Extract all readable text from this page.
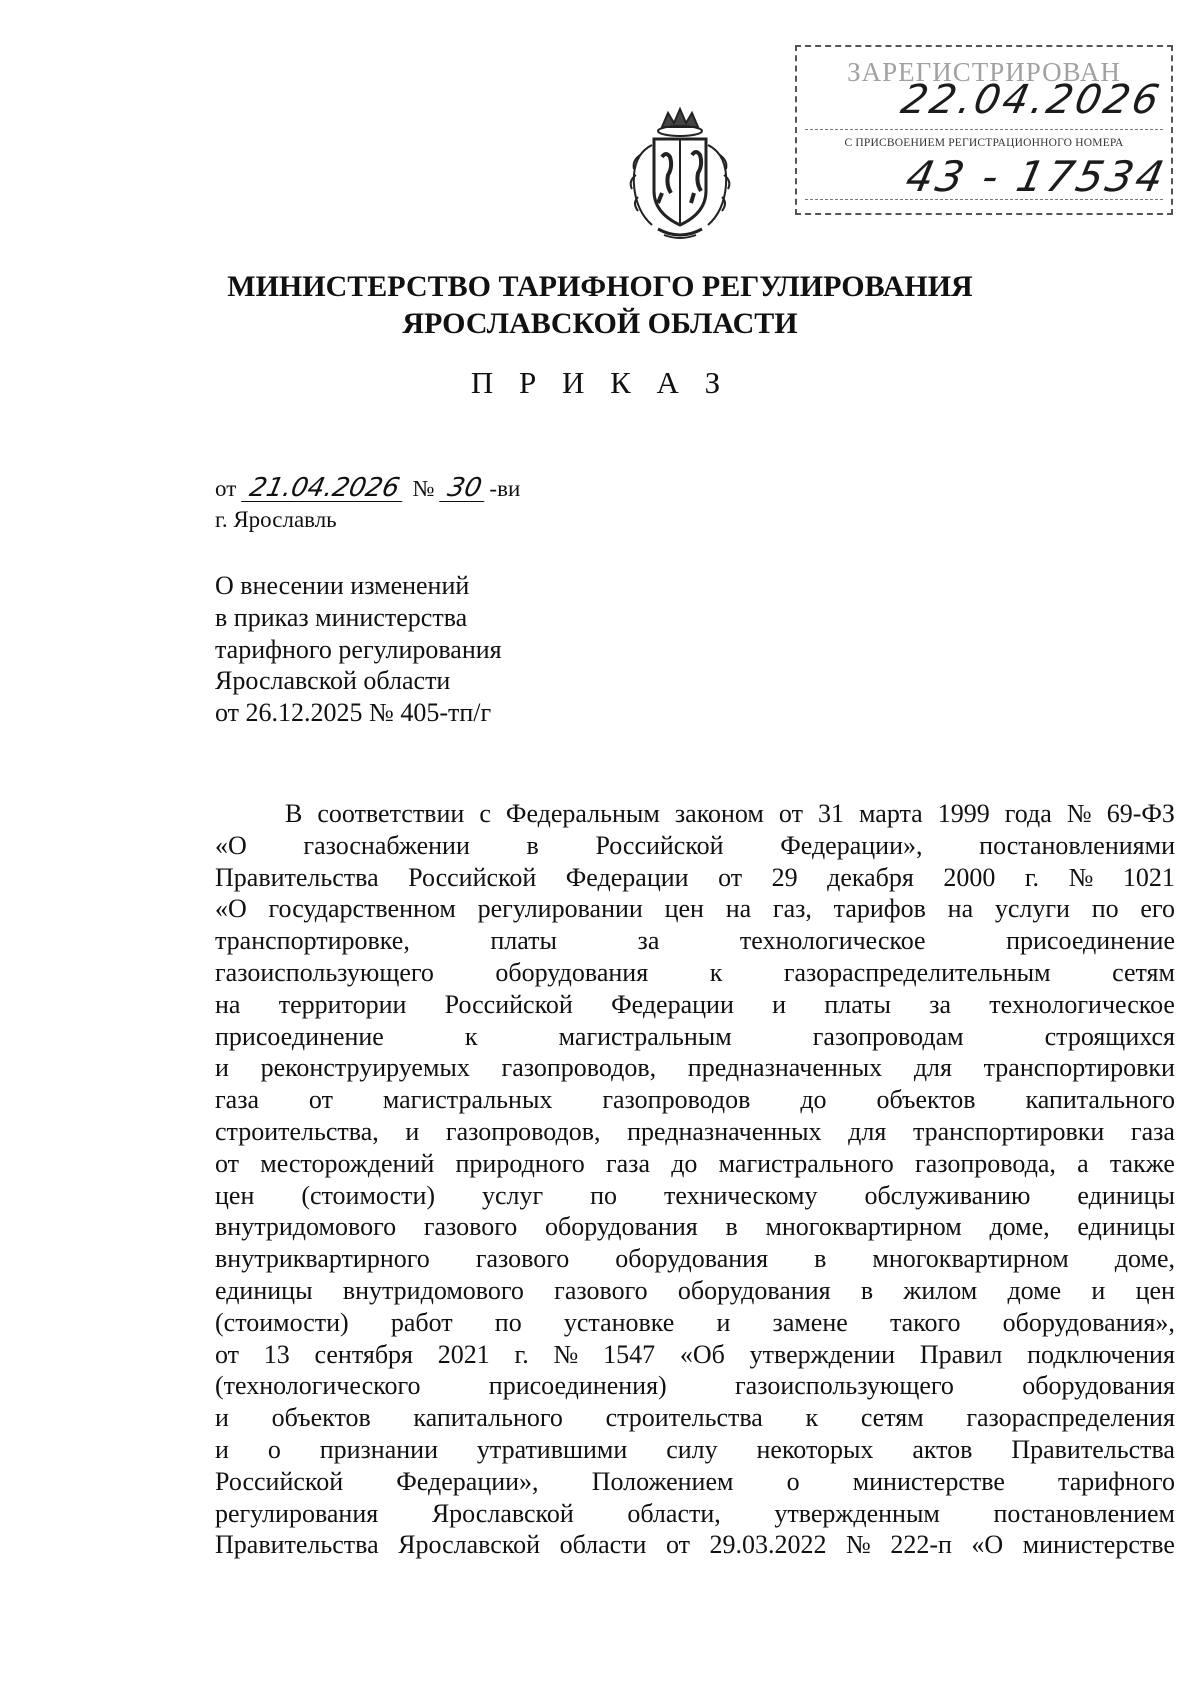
ЗАРЕГИСТРИРОВАН
22.04.2026
С ПРИСВОЕНИЕМ РЕГИСТРАЦИОННОГО НОМЕРА
43 - 17534
МИНИСТЕРСТВО ТАРИФНОГО РЕГУЛИРОВАНИЯ
ЯРОСЛАВСКОЙ ОБЛАСТИ
П Р И К А З
от 21.04.2026 № 30 -ви
г. Ярославль

О внесении изменений
в приказ министерства
тарифного регулирования
Ярославской области
от 26.12.2025 № 405-тп/г

В соответствии с Федеральным законом от 31 марта 1999 года № 69-ФЗ
«О газоснабжении в Российской Федерации», постановлениями
Правительства Российской Федерации от 29 декабря 2000 г. № 1021
«О государственном регулировании цен на газ, тарифов на услуги по его
транспортировке,	платы	за	технологическое	присоединение
газоиспользующего оборудования к газораспределительным сетям
на территории Российской Федерации и платы за технологическое
присоединение	к	магистральным	газопроводам	строящихся
и реконструируемых газопроводов, предназначенных для транспортировки
газа от магистральных газопроводов до объектов капитального
строительства, и газопроводов, предназначенных для транспортировки газа
от месторождений природного газа до магистрального газопровода, а также
цен (стоимости) услуг по техническому обслуживанию единицы
внутридомового газового оборудования в многоквартирном доме, единицы
внутриквартирного газового оборудования в многоквартирном доме,
единицы внутридомового газового оборудования в жилом доме и цен
(стоимости) работ по установке и замене такого оборудования»,
от 13 сентября 2021 г. № 1547 «Об утверждении Правил подключения
(технологического	присоединения)	газоиспользующего	оборудования
и объектов капитального строительства к сетям газораспределения
и о признании утратившими силу некоторых актов Правительства
Российской Федерации», Положением о министерстве тарифного
регулирования Ярославской области, утвержденным постановлением
Правительства Ярославской области от 29.03.2022 № 222-п «О министерстве
